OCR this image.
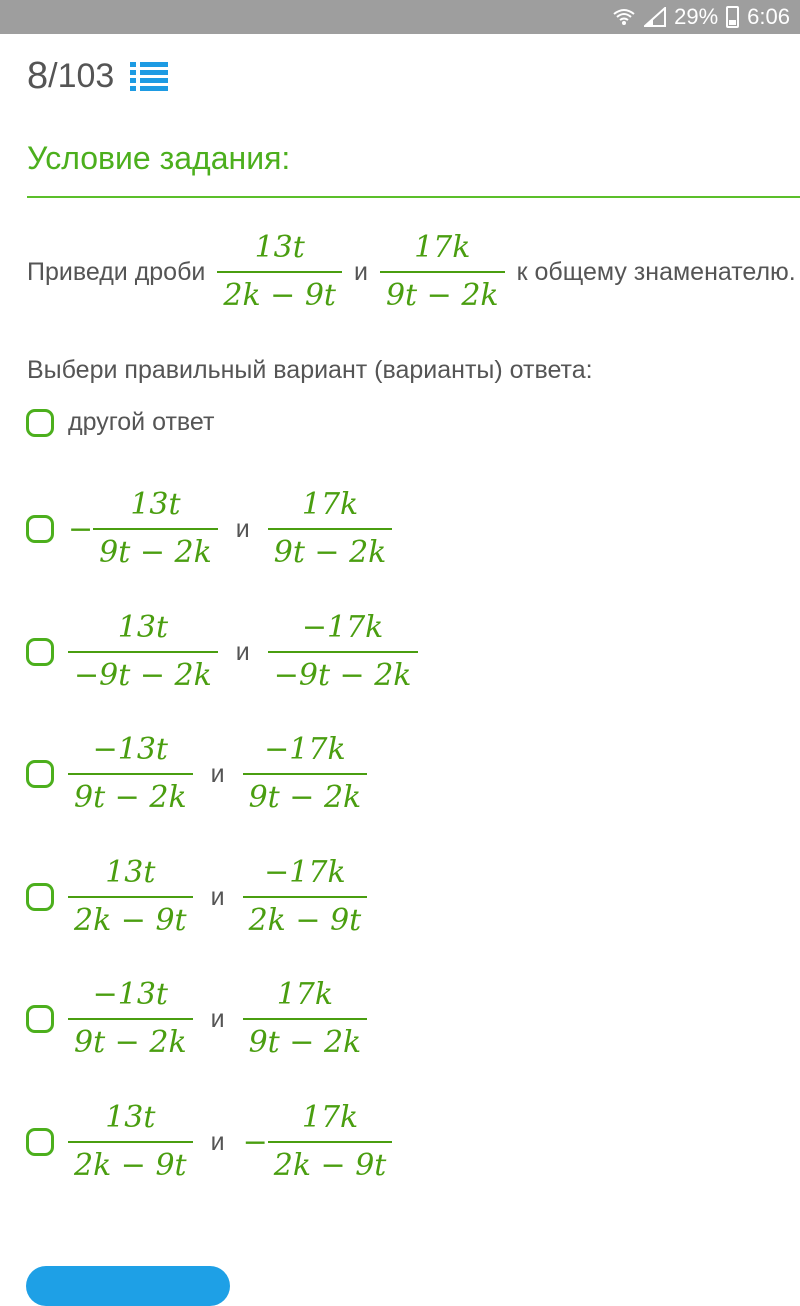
29% 6:06
8 /103
Условие задания:
Приведи дроби $\frac{13t}{2k - 9t}$ и $\frac{17k}{9t - 2k}$ к общему знаменателю.
Выбери правильный вариант (варианты) ответа:
другой ответ
− $\frac{13t}{9t - 2k}$ и $\frac{17k}{9t - 2k}$
$\frac{13t}{-9t - 2k}$ и $\frac{-17k}{-9t - 2k}$
$\frac{-13t}{9t - 2k}$ и $\frac{-17k}{9t - 2k}$
$\frac{13t}{2k - 9t}$ и $\frac{-17k}{2k - 9t}$
$\frac{-13t}{9t - 2k}$ и $\frac{17k}{9t - 2k}$
$\frac{13t}{2k - 9t}$ $и - \frac{17k}{2k - 9t}$
